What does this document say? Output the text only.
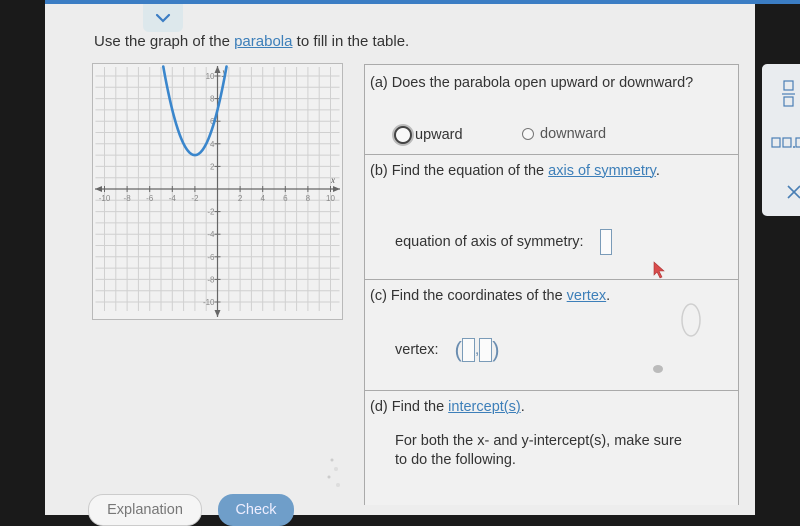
Use the graph of the parabola to fill in the table.
-10 -8 -6 -4 -2	2 4 6 8 10
10
8
6
4
2
-2
-4
-6
-8
-10
x
y
(a) Does the parabola open upward or downward?
upward	downward
(b) Find the equation of the axis of symmetry.
equation of axis of symmetry:
(c) Find the coordinates of the vertex.
vertex: ( , )
(d) Find the intercept(s).
For both the x- and y-intercept(s), make sure
to do the following.
Explanation	Check
